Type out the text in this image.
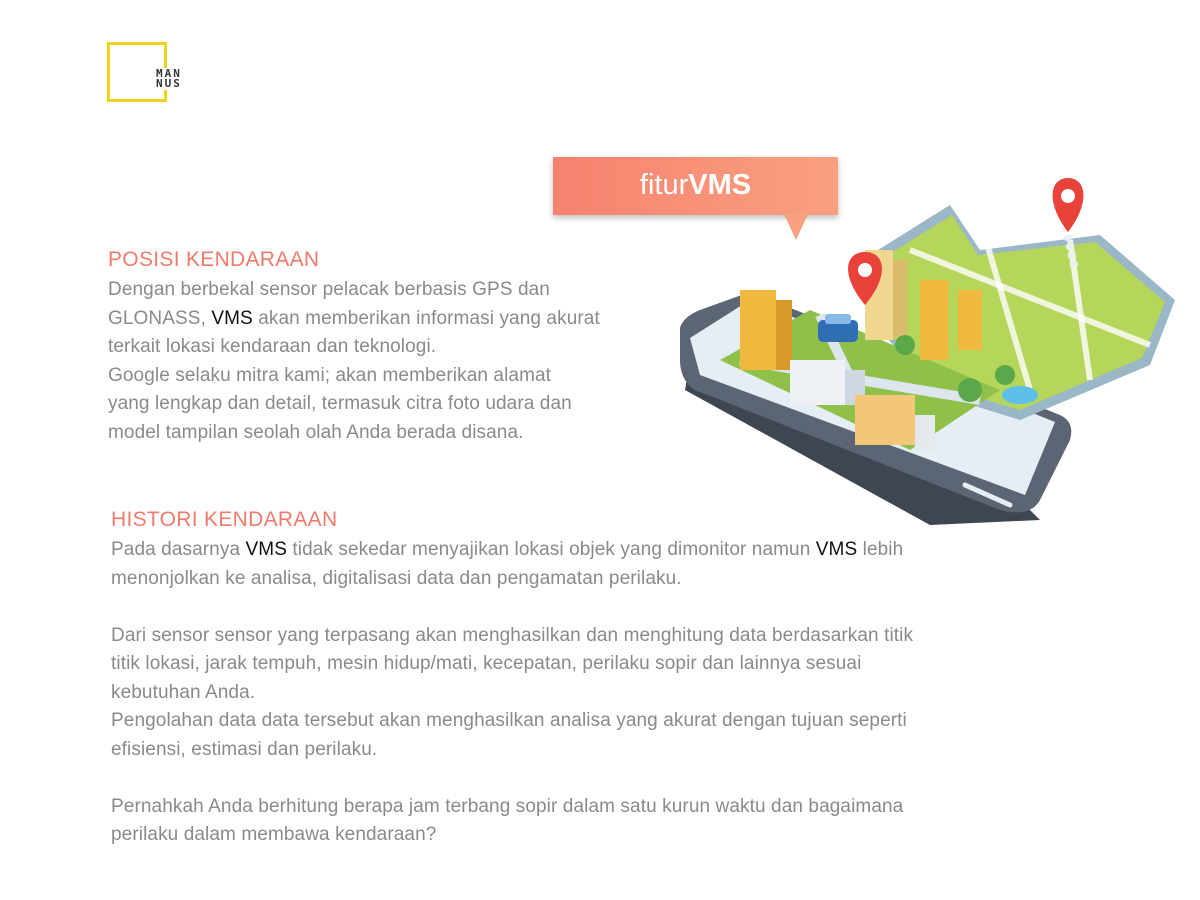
MAN
NUS
fiturVMS
POSISI KENDARAAN

Dengan berbekal sensor pelacak berbasis GPS dan

GLONASS, VMS akan memberikan informasi yang akurat

terkait lokasi kendaraan dan teknologi.

Google selaku mitra kami; akan memberikan alamat

yang lengkap dan detail, termasuk citra foto udara dan

model tampilan seolah olah Anda berada disana.

HISTORI KENDARAAN

Pada dasarnya VMS tidak sekedar menyajikan lokasi objek yang dimonitor namun VMS lebih

menonjolkan ke analisa, digitalisasi data dan pengamatan perilaku.

Dari sensor sensor yang terpasang akan menghasilkan dan menghitung data berdasarkan titik

titik lokasi, jarak tempuh, mesin hidup/mati, kecepatan, perilaku sopir dan lainnya sesuai

kebutuhan Anda.

Pengolahan data data tersebut akan menghasilkan analisa yang akurat dengan tujuan seperti

efisiensi, estimasi dan perilaku.

Pernahkah Anda berhitung berapa jam terbang sopir dalam satu kurun waktu dan bagaimana

perilaku dalam membawa kendaraan?
